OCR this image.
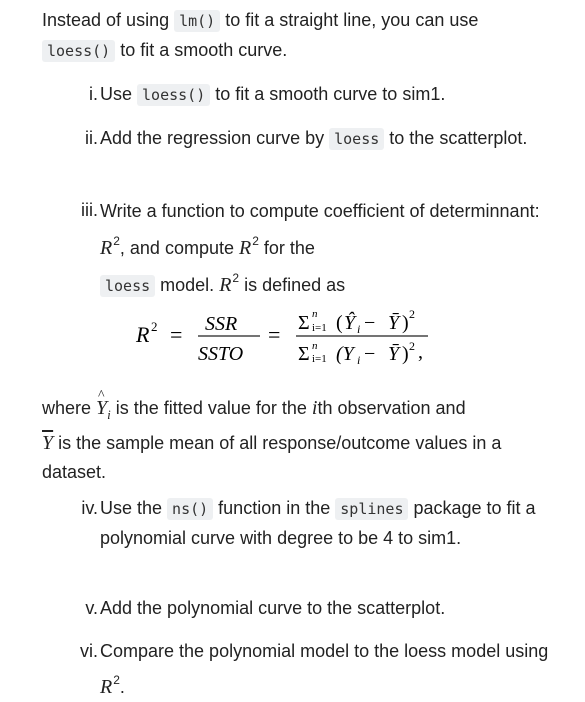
Instead of using lm() to fit a straight line, you can use
loess() to fit a smooth curve.
i. Use loess() to fit a smooth curve to sim1.
ii. Add the regression curve by loess to the scatterplot.
iii. Write a function to compute coefficient of determinnant: $R^2$, and compute $R^2$ for the
loess model. $R^2$ is defined as
R 2 = SSR
SSTO
= Σ n
i=1 ( Ŷ i − Ȳ ) 2
Σ n
i=1 (Y i − Ȳ ) 2 ,
where ^ $Y_i$ is the fitted value for the ith observation and
$\overline{Y}$ is the sample mean of all response/outcome values in a dataset.
iv. Use the ns() function in the splines package to fit a polynomial curve with degree to be 4 to sim1.
v. Add the polynomial curve to the scatterplot.
vi. Compare the polynomial model to the loess model using $R^2$.
